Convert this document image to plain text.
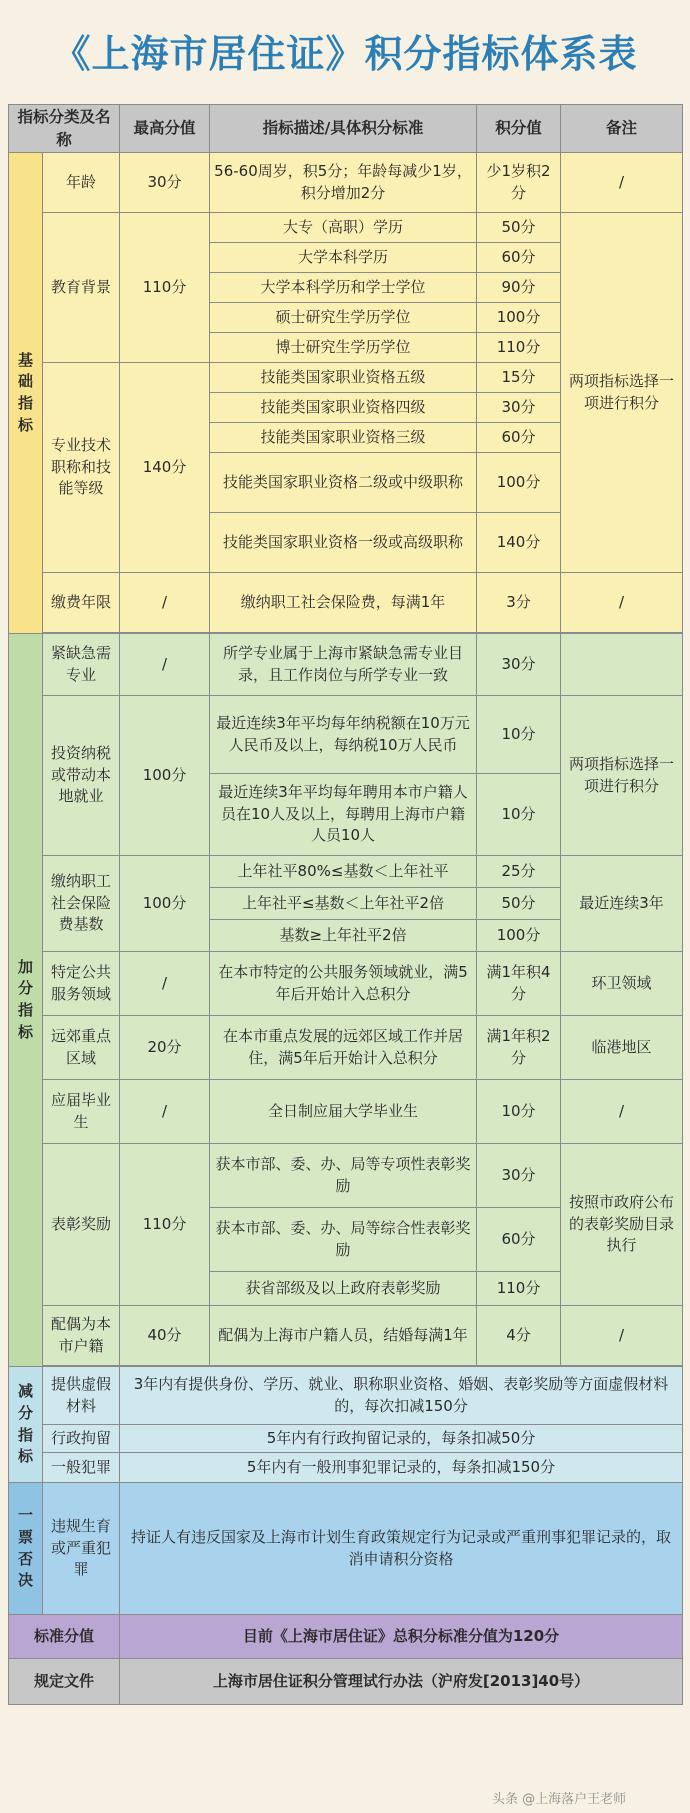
《上海市居住证》积分指标体系表
指标分类及名称		最高分值	指标描述/具体积分标准	积分值	备注
基础指标	年龄	30分	56-60周岁，积5分；年龄每减少1岁，积分增加2分	少1岁积2分	/
	教育背景	110分	大专（高职）学历	50分	两项指标选择一项进行积分
			大学本科学历	60分	
			大学本科学历和学士学位	90分	
			硕士研究生学历学位	100分	
			博士研究生学历学位	110分	
	专业技术职称和技能等级	140分	技能类国家职业资格五级	15分	
			技能类国家职业资格四级	30分	
			技能类国家职业资格三级	60分	
			技能类国家职业资格二级或中级职称	100分	
			技能类国家职业资格一级或高级职称	140分	
	缴费年限	/	缴纳职工社会保险费，每满1年	3分	/

加分指标	紧缺急需专业	/	所学专业属于上海市紧缺急需专业目录，且工作岗位与所学专业一致	30分	
	投资纳税或带动本地就业	100分	最近连续3年平均每年纳税额在10万元人民币及以上，每纳税10万人民币	10分	两项指标选择一项进行积分
			最近连续3年平均每年聘用本市户籍人员在10人及以上，每聘用上海市户籍人员10人	10分	
	缴纳职工社会保险费基数	100分	上年社平80%≤基数＜上年社平	25分	最近连续3年
			上年社平≤基数＜上年社平2倍	50分	
			基数≥上年社平2倍	100分	
	特定公共服务领域	/	在本市特定的公共服务领域就业，满5年后开始计入总积分	满1年积4分	环卫领域
	远郊重点区域	20分	在本市重点发展的远郊区域工作并居住，满5年后开始计入总积分	满1年积2分	临港地区
	应届毕业生	/	全日制应届大学毕业生	10分	/
	表彰奖励	110分	获本市部、委、办、局等专项性表彰奖励	30分	按照市政府公布的表彰奖励目录执行
			获本市部、委、办、局等综合性表彰奖励	60分	
			获省部级及以上政府表彰奖励	110分	
	配偶为本市户籍	40分	配偶为上海市户籍人员，结婚每满1年	4分	/

减分指标	提供虚假材料	3年内有提供身份、学历、就业、职称职业资格、婚姻、表彰奖励等方面虚假材料的，每次扣减150分			
	行政拘留	5年内有行政拘留记录的，每条扣减50分			
	一般犯罪	5年内有一般刑事犯罪记录的，每条扣减150分			
一票否决	违规生育或严重犯罪	持证人有违反国家及上海市计划生育政策规定行为记录或严重刑事犯罪记录的，取消申请积分资格			
标准分值		目前《上海市居住证》总积分标准分值为120分			
规定文件		上海市居住证积分管理试行办法（沪府发[2013]40号）			
头条 @上海落户王老师
